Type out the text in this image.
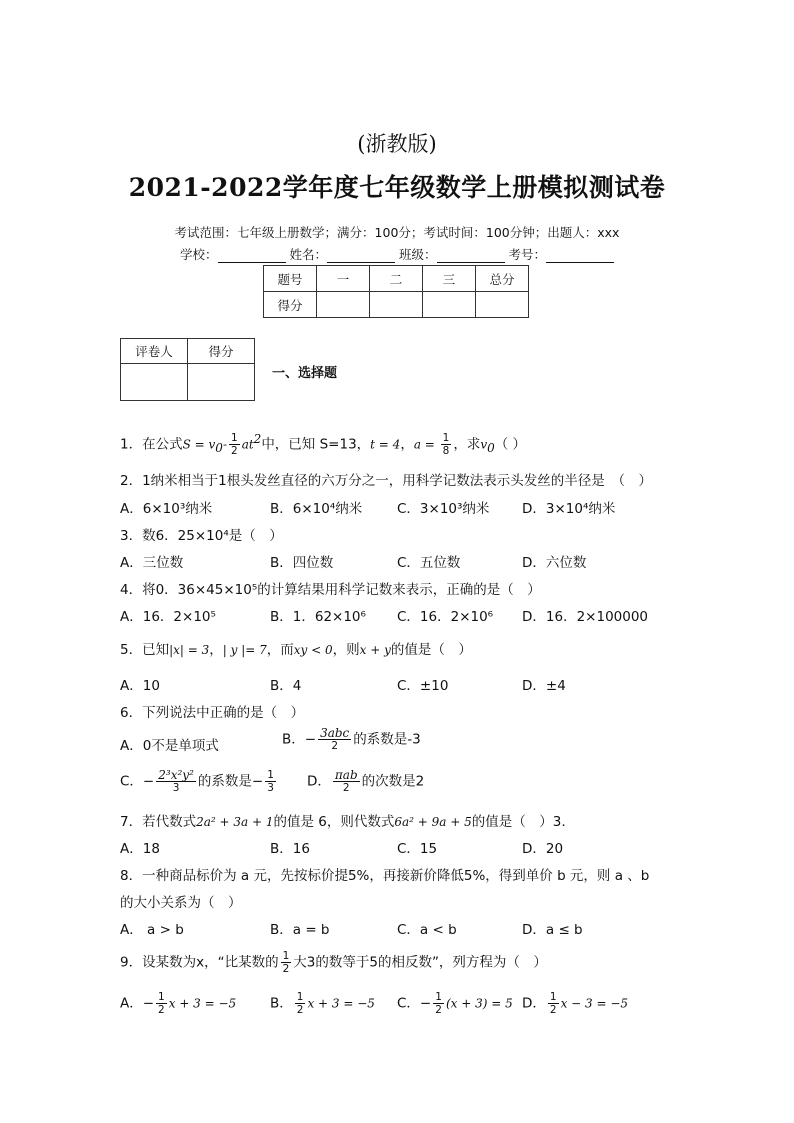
(浙教版)
2021-2022学年度七年级数学上册模拟测试卷
考试范围：七年级上册数学；满分：100分；考试时间：100分钟；出题人：xxx
学校：	姓名：	班级：	考号：
题号	一	二	三	总分
得分				
评卷人	得分

一、选择题
1．在公式$S = v_0- \frac{1}{2} at^2$中，已知 S=13，t = 4，$a = \frac{1}{8}$ ，求$v_0$（ ）
2．1纳米相当于1根头发丝直径的六万分之一，用科学记数法表示头发丝的半径是　（　）
A．6×10³纳米	B．6×10⁴纳米	C．3×10³纳米 D．3×10⁴纳米
3．数6．25×10⁴是（　）
A．三位数	B．四位数	C．五位数	D．六位数
4．将0．36×45×10⁵的计算结果用科学记数来表示，正确的是（　）
A．16．2×10⁵	B．1．62×10⁶ C．16．2×10⁶ D．16．2×100000
5．已知|x| = 3，| y |= 7，而xy < 0，则x + y的值是（　）
A．10	B．4	C．±10	D．±4
6．下列说法中正确的是（　）
A．0不是单项式	B．− $\frac{\text{3abc}}{2}$ 的系数是-3
C．− $\frac{\text{2³x²y²}}{3}$ 的系数是− $\frac{1}{3}$ D． $\frac{\text{πab}}{2}$ 的次数是2
7．若代数式2a² + 3a + 1的值是 6，则代数式6a² + 9a + 5的值是（　）3.
A．18	B．16	C．15	D．20
8．一种商品标价为 a 元，先按标价提5%，再接新价降低5%，得到单价 b 元，则 a 、b
的大小关系为（　）
A． a > b	B．a = b	C．a < b	D．a ≤ b
9．设某数为x，“比某数的 $\frac{1}{2}$ 大3的数等于5的相反数”，列方程为（　）
A．− $\frac{1}{2}$ x + 3 = −5	B． $\frac{1}{2}$ x + 3 = −5 C．− $\frac{1}{2} (x + 3) = 5$ D． $\frac{1}{2}$ x − 3 = −5
